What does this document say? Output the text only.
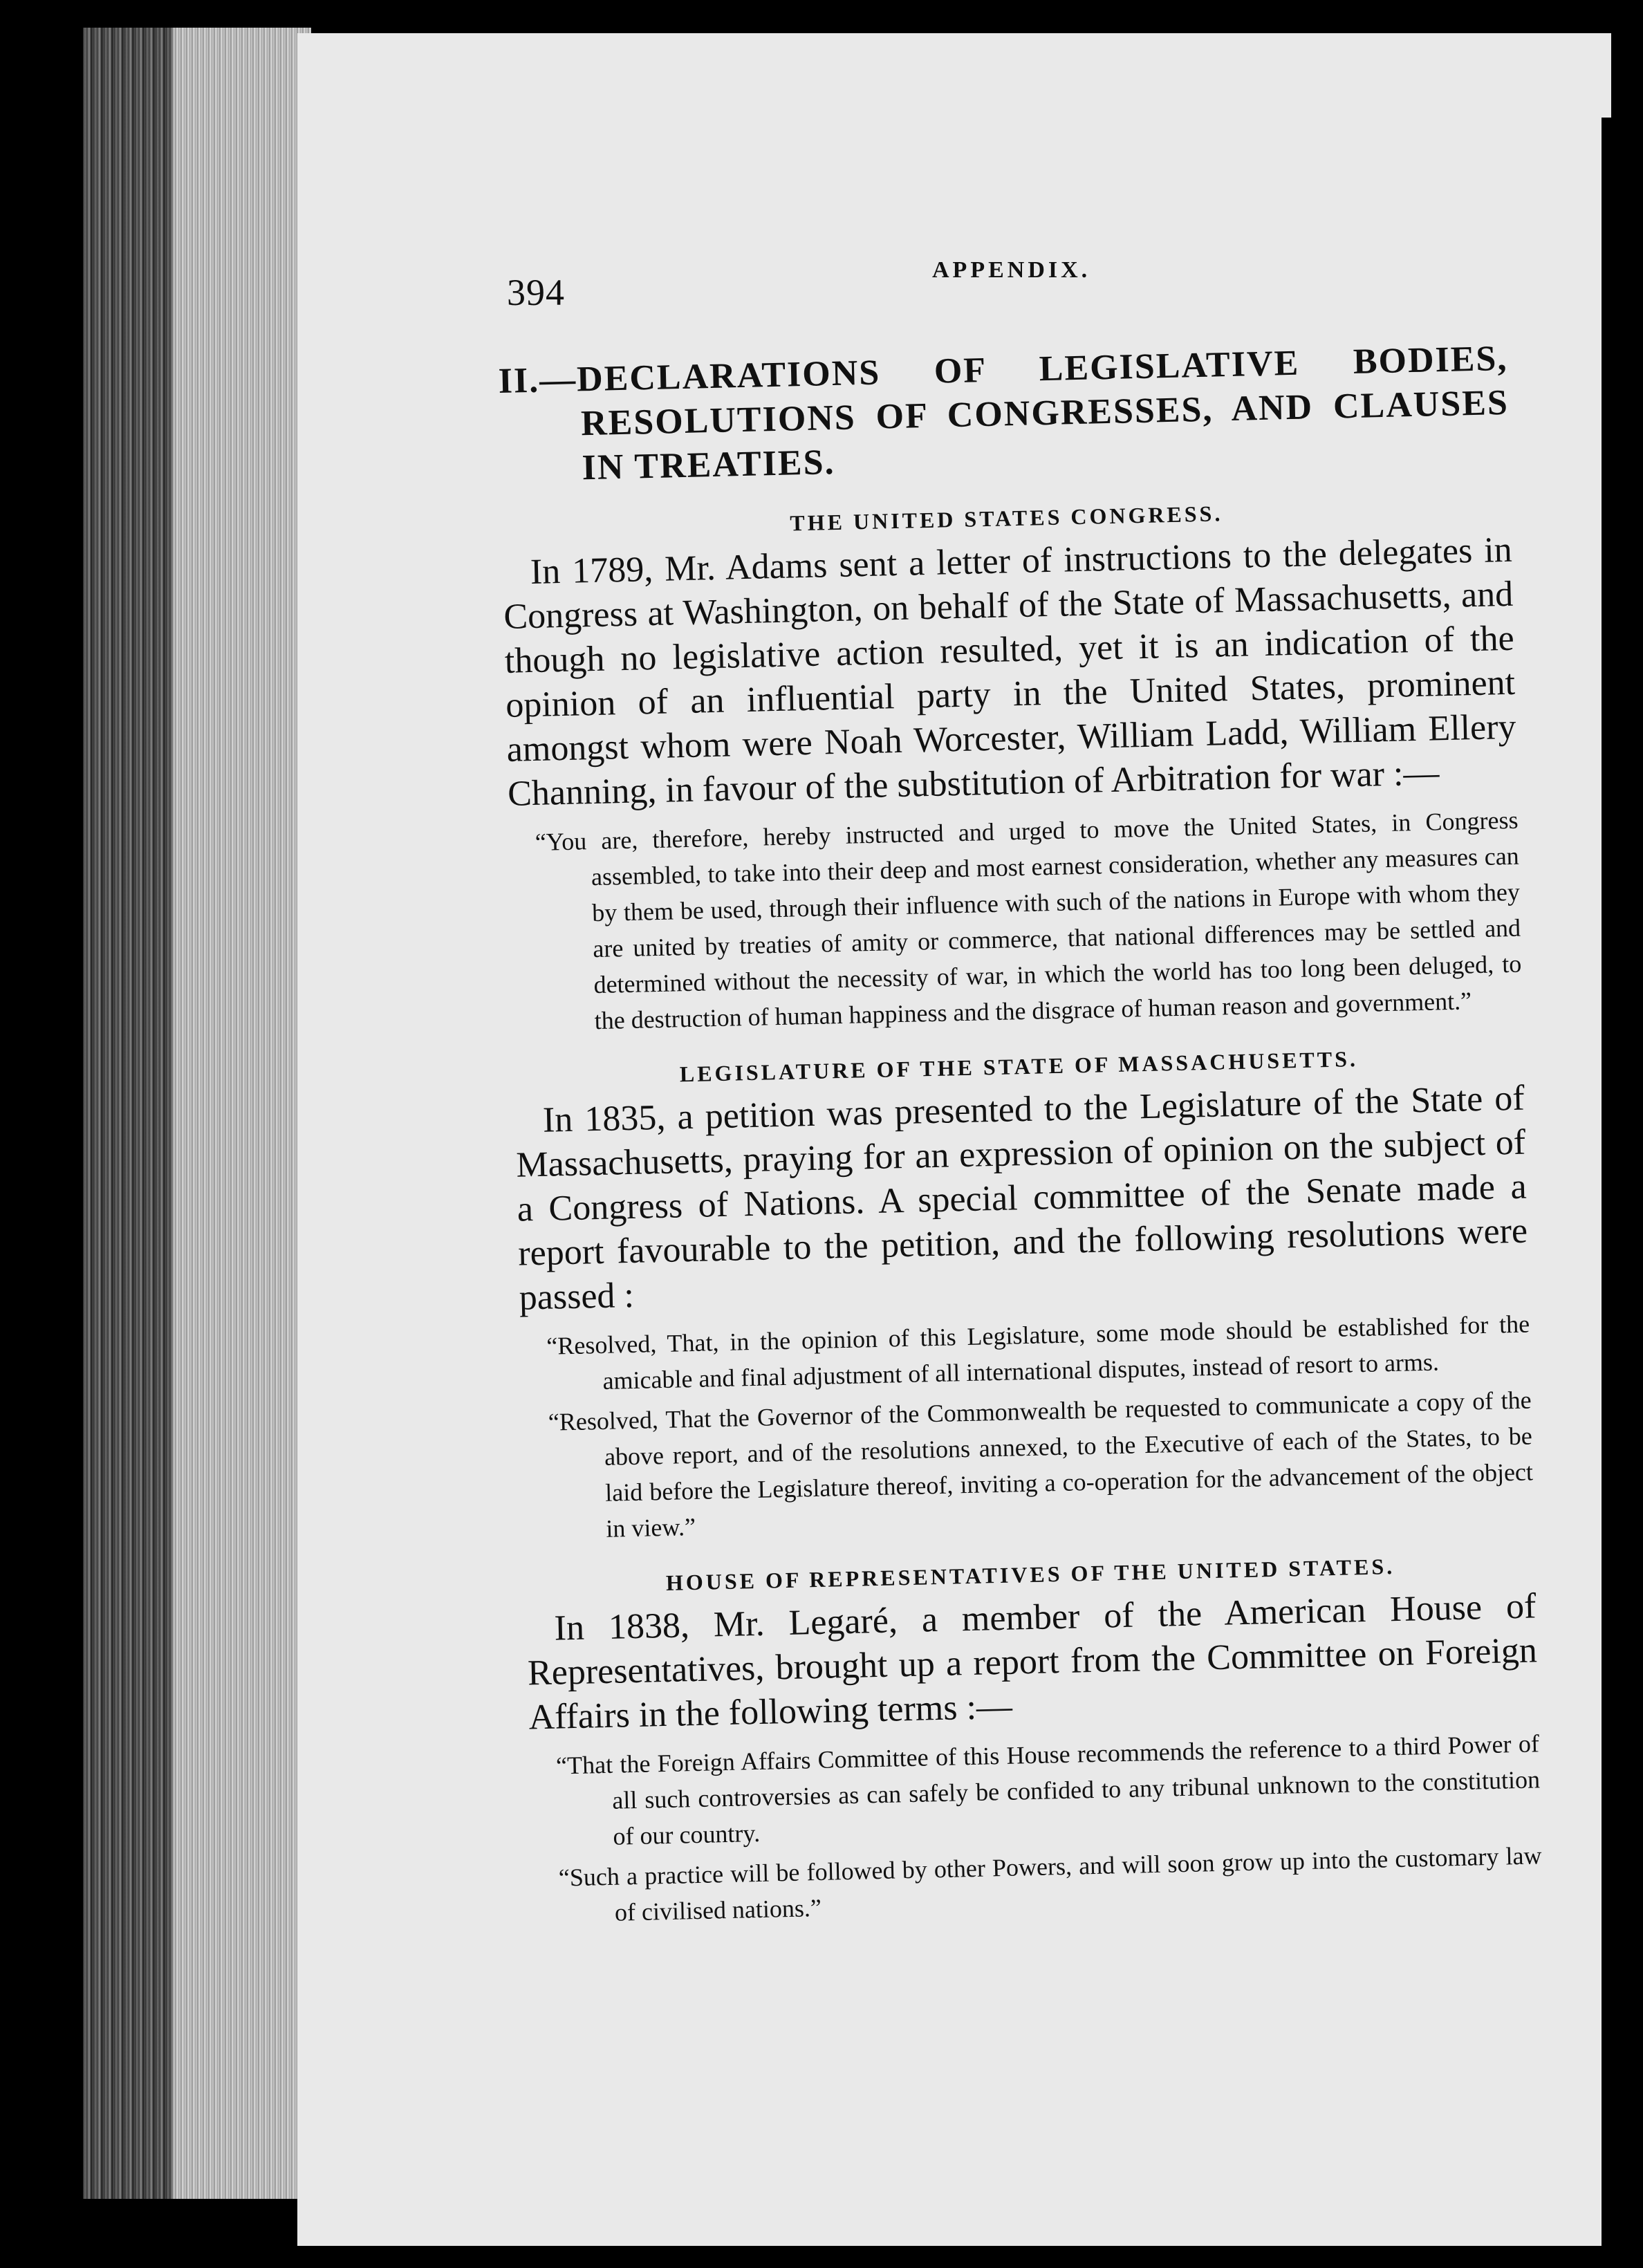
394
APPENDIX.

II.—DECLARATIONS OF LEGISLATIVE BODIES, RESOLUTIONS OF CONGRESSES, AND CLAUSES IN TREATIES.

THE UNITED STATES CONGRESS.

In 1789, Mr. Adams sent a letter of instructions to the delegates in Congress at Washington, on behalf of the State of Massachusetts, and though no legislative action resulted, yet it is an indication of the opinion of an influential party in the United States, prominent amongst whom were Noah Worcester, William Ladd, William Ellery Channing, in favour of the substitution of Arbitration for war :—

“You are, therefore, hereby instructed and urged to move the United States, in Congress assembled, to take into their deep and most earnest consideration, whether any measures can by them be used, through their influence with such of the nations in Europe with whom they are united by treaties of amity or commerce, that national differences may be settled and determined without the necessity of war, in which the world has too long been deluged, to the destruction of human happiness and the disgrace of human reason and government.”

LEGISLATURE OF THE STATE OF MASSACHUSETTS.

In 1835, a petition was presented to the Legislature of the State of Massachusetts, praying for an expression of opinion on the subject of a Congress of Nations. A special committee of the Senate made a report favourable to the petition, and the following resolutions were passed :

“Resolved, That, in the opinion of this Legislature, some mode should be established for the amicable and final adjustment of all international disputes, instead of resort to arms.

“Resolved, That the Governor of the Commonwealth be requested to communicate a copy of the above report, and of the resolutions annexed, to the Executive of each of the States, to be laid before the Legislature thereof, inviting a co-operation for the advancement of the object in view.”

HOUSE OF REPRESENTATIVES OF THE UNITED STATES.

In 1838, Mr. Legaré, a member of the American House of Representatives, brought up a report from the Committee on Foreign Affairs in the following terms :—

“That the Foreign Affairs Committee of this House recommends the reference to a third Power of all such controversies as can safely be confided to any tribunal unknown to the constitution of our country.

“Such a practice will be followed by other Powers, and will soon grow up into the customary law of civilised nations.”
